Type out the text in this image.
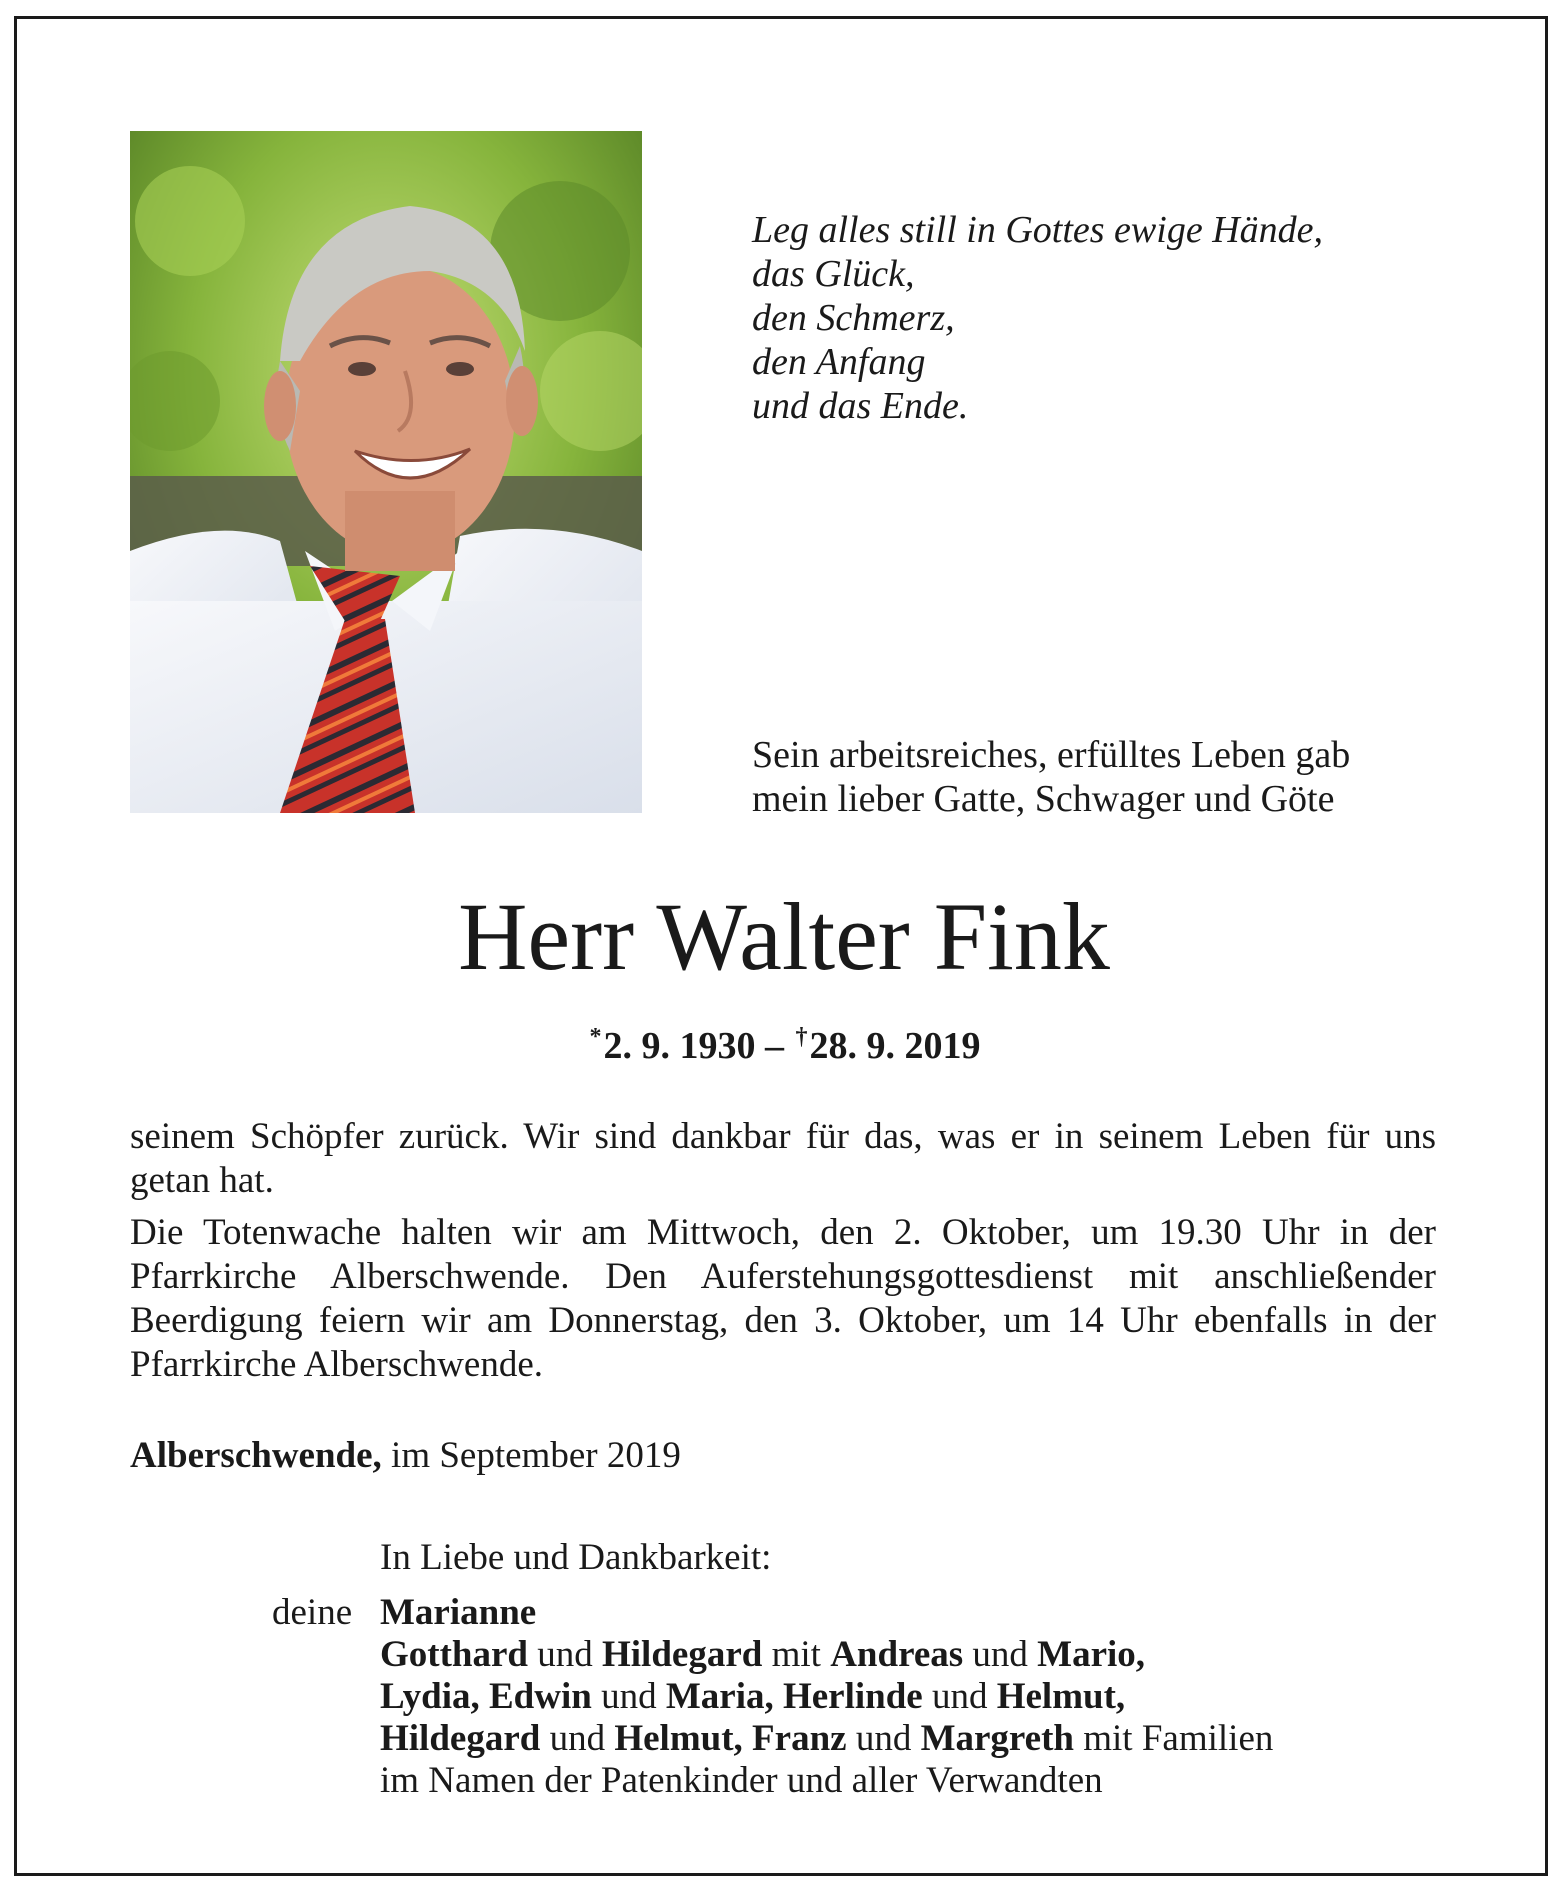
Leg alles still in Gottes ewige Hände,
das Glück,
den Schmerz,
den Anfang
und das Ende.
Sein arbeitsreiches, erfülltes Leben gab
mein lieber Gatte, Schwager und Göte
Herr Walter Fink
*2. 9. 1930 – †28. 9. 2019

seinem Schöpfer zurück. Wir sind dankbar für das, was er in seinem Leben für uns getan hat.

Die Totenwache halten wir am Mittwoch, den 2. Oktober, um 19.30 Uhr in der Pfarrkirche Alberschwende. Den Auferstehungsgottesdienst mit anschließender Beerdigung feiern wir am Donnerstag, den 3. Oktober, um 14 Uhr ebenfalls in der Pfarrkirche Alberschwende.

Alberschwende, im September 2019
In Liebe und Dankbarkeit:
deine Marianne
Gotthard und Hildegard mit Andreas und Mario,
Lydia, Edwin und Maria, Herlinde und Helmut,
Hildegard und Helmut, Franz und Margreth mit Familien
im Namen der Patenkinder und aller Verwandten
